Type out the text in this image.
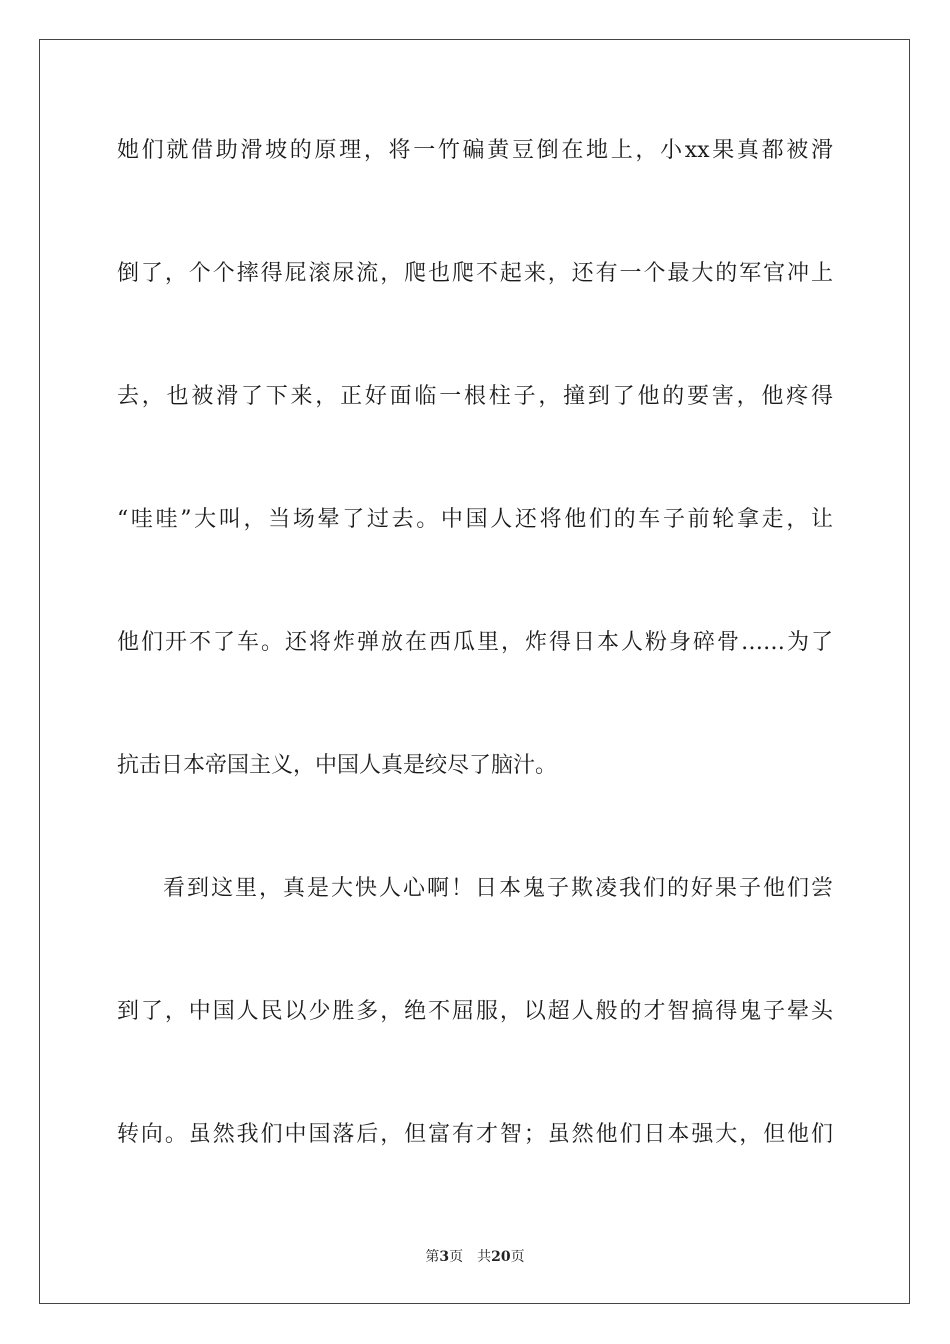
她们就借助滑坡的原理，将一竹碥黄豆倒在地上，小xx果真都被滑
倒了，个个摔得屁滚尿流，爬也爬不起来，还有一个最大的军官冲上
去，也被滑了下来，正好面临一根柱子，撞到了他的要害，他疼得
“哇哇”大叫，当场晕了过去。中国人还将他们的车子前轮拿走，让
他们开不了车。还将炸弹放在西瓜里，炸得日本人粉身碎骨……为了
抗击日本帝国主义，中国人真是绞尽了脑汁。
看到这里，真是大快人心啊！日本鬼子欺凌我们的好果子他们尝
到了，中国人民以少胜多，绝不屈服，以超人般的才智搞得鬼子晕头
转向。虽然我们中国落后，但富有才智；虽然他们日本强大，但他们
第3页 共20页
